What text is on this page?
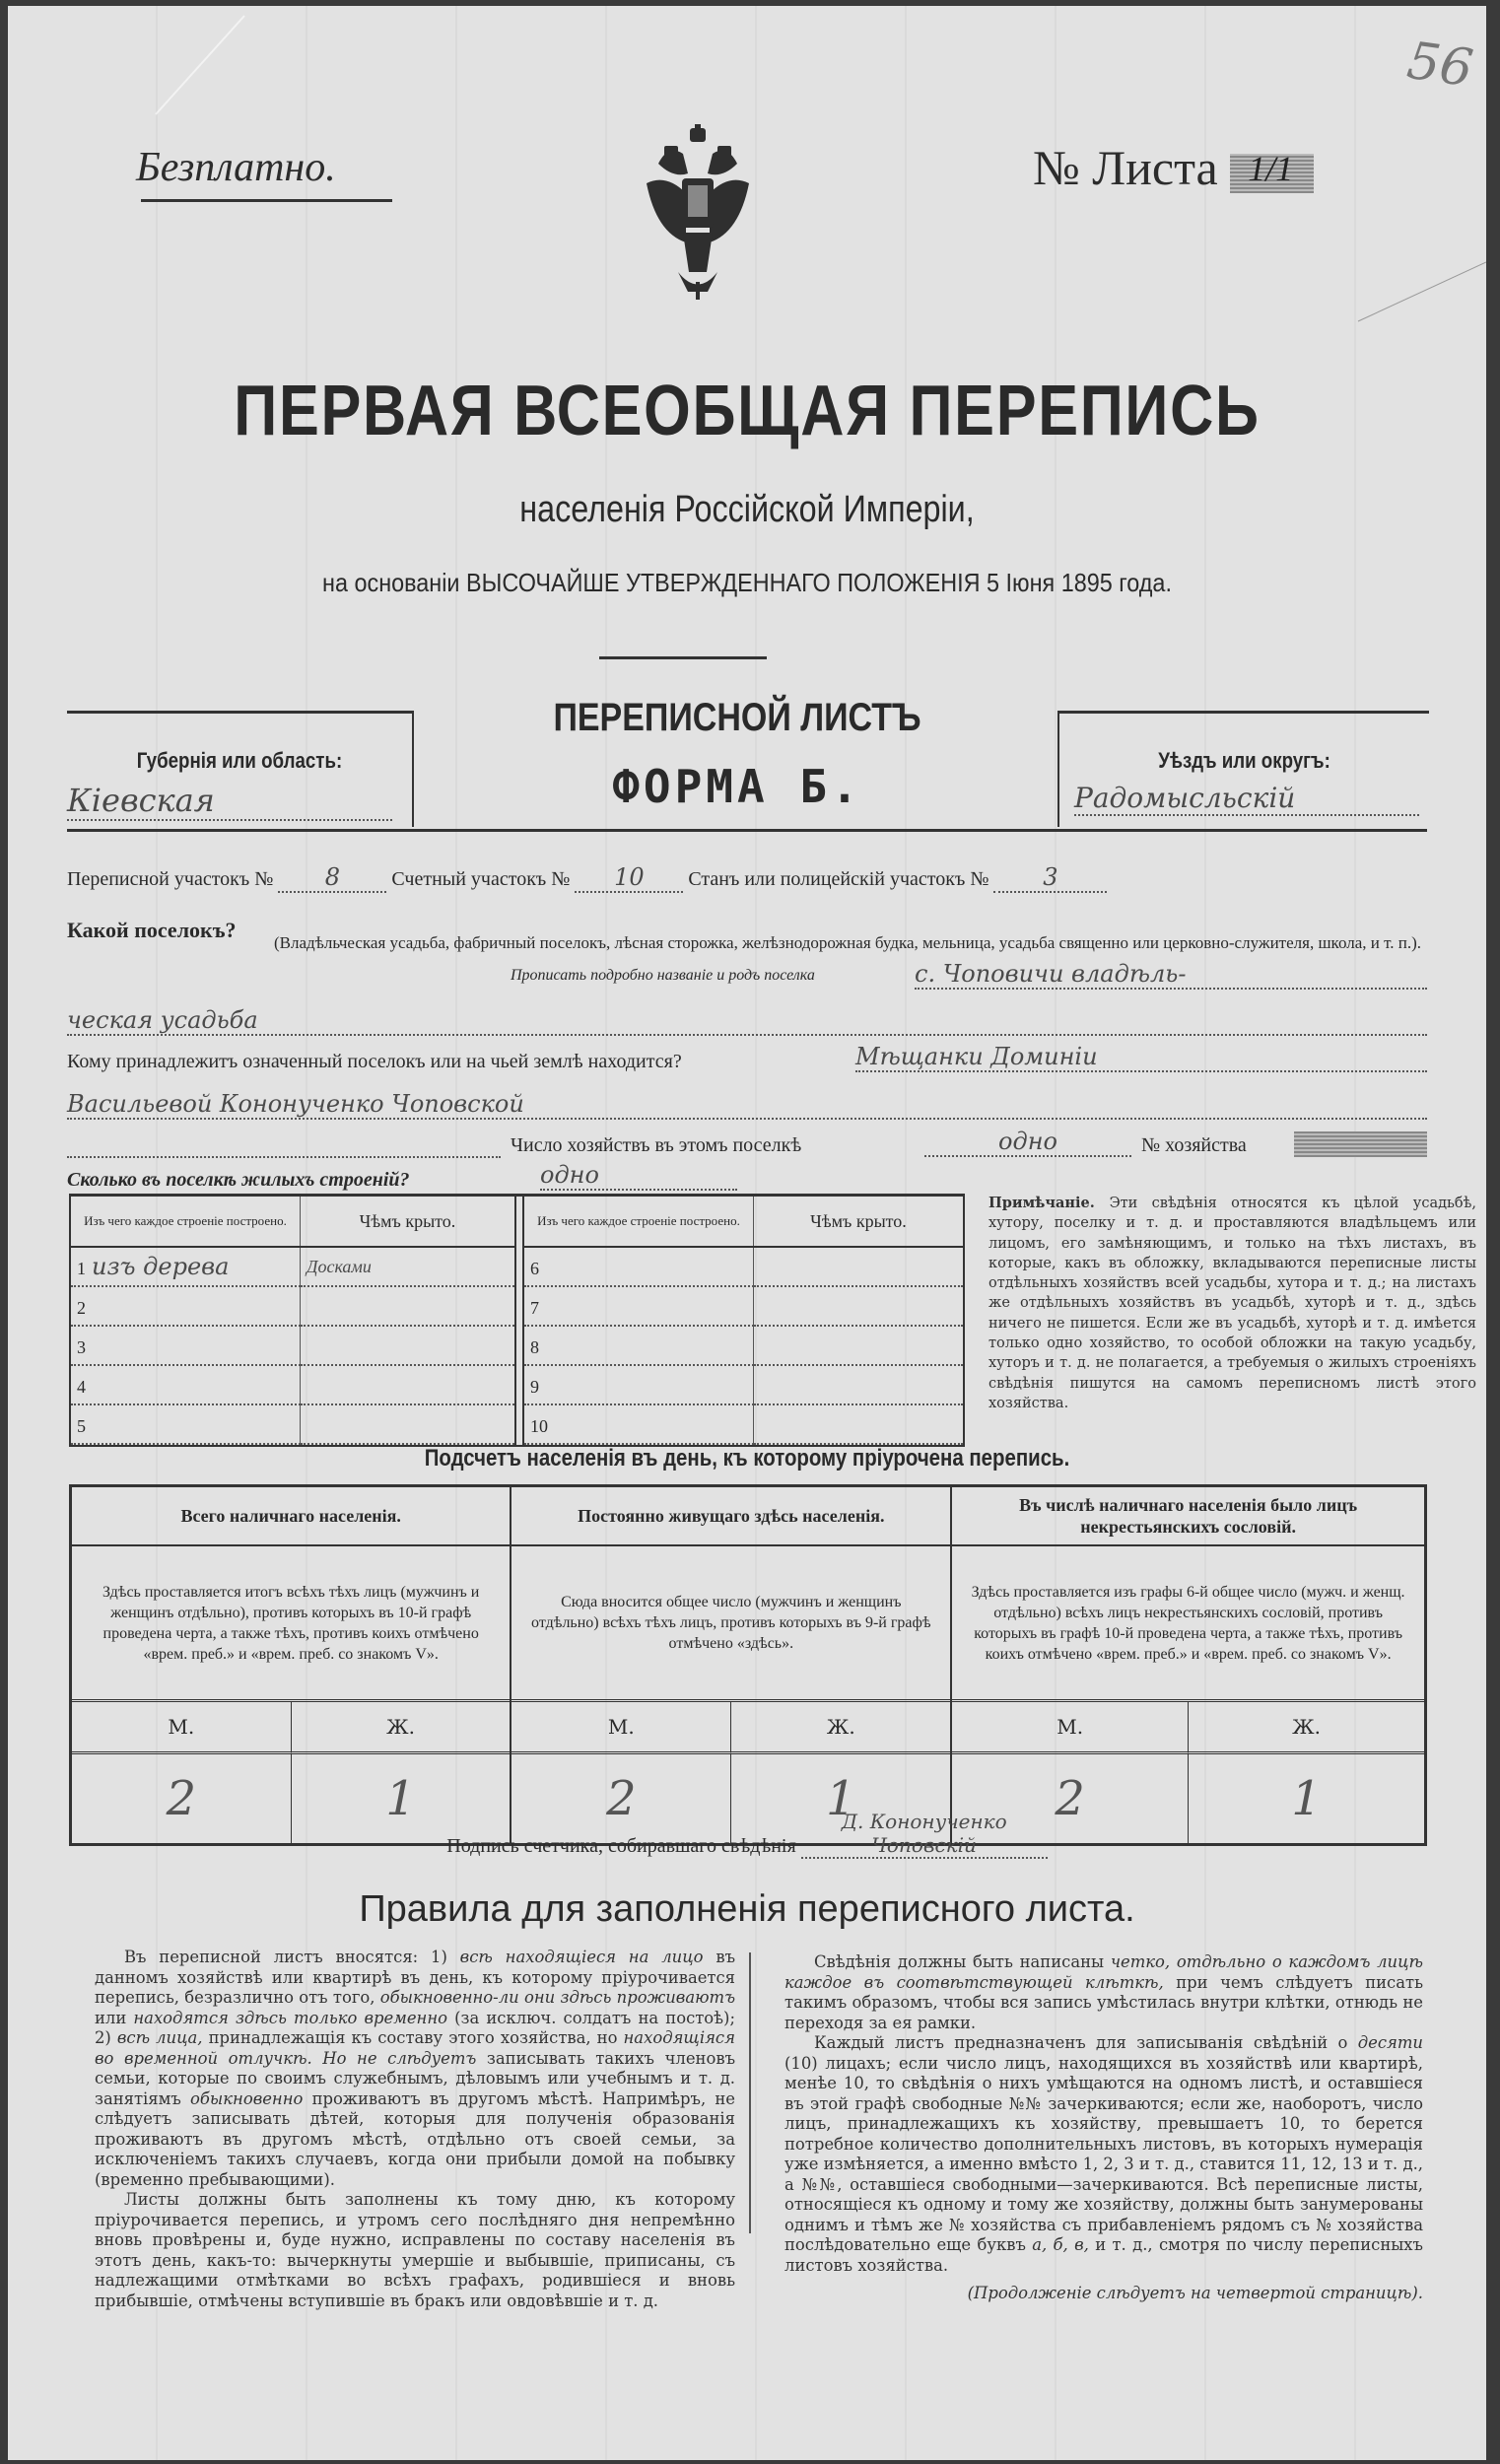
Безплатно.	№ Листа 1/1
56
ПЕРВАЯ ВСЕОБЩАЯ ПЕРЕПИСЬ
населенія Россійской Имперіи,
на основаніи ВЫСОЧАЙШЕ УТВЕРЖДЕННАГО ПОЛОЖЕНІЯ 5 Іюня 1895 года.
Губернія или область:
Кіевская
ПЕРЕПИСНОЙ ЛИСТЪ
ФОРМА Б.	Уѣздъ или округъ:
Радомысльскій
Переписной участокъ № 8	Счетный участокъ № 10 Станъ или полицейскій участокъ № 3
Какой поселокъ?
(Владѣльческая усадьба, фабричный поселокъ, лѣсная сторожка, желѣзнодорожная будка, мельница, усадьба священно или церковно-служителя, школа, и т. п.).
Прописать подробно названіе и родъ поселка	с. Чоповичи владѣль-
ческая усадьба
Кому принадлежитъ означенный поселокъ или на чьей землѣ находится?	Мѣщанки Доминіи
Васильевой Кононученко Чоповской
Число хозяйствъ въ этомъ поселкѣ	одно	№ хозяйства
Сколько въ поселкѣ жилыхъ строеній?	одно
Изъ чего каждое строеніе построено.	Чѣмъ крыто.
1 изъ дерева	Досками
2	
3	
4	
5	
Изъ чего каждое строеніе построено.	Чѣмъ крыто.
6	
7	
8	
9	
10	
Примѣчаніе. Эти свѣдѣнія относятся къ цѣлой усадьбѣ, хутору, поселку и т. д. и проставляются владѣльцемъ или лицомъ, его замѣняющимъ, и только на тѣхъ листахъ, въ которые, какъ въ обложку, вкладываются переписные листы отдѣльныхъ хозяйствъ всей усадьбы, хутора и т. д.; на листахъ же отдѣльныхъ хозяйствъ въ усадьбѣ, хуторѣ и т. д., здѣсь ничего не пишется. Если же въ усадьбѣ, хуторѣ и т. д. имѣется только одно хозяйство, то особой обложки на такую усадьбу, хуторъ и т. д. не полагается, а требуемыя о жилыхъ строеніяхъ свѣдѣнія пишутся на самомъ переписномъ листѣ этого хозяйства.
Подсчетъ населенія въ день, къ которому пріурочена перепись.
Всего наличнаго населенія.
Здѣсь проставляется итогъ всѣхъ тѣхъ лицъ (мужчинъ и женщинъ отдѣльно), противъ которыхъ въ 10-й графѣ проведена черта, а также тѣхъ, противъ коихъ отмѣчено «врем. преб.» и «врем. преб. со знакомъ V».
М.	Ж.
2	1

Постоянно живущаго здѣсь населенія.
Сюда вносится общее число (мужчинъ и женщинъ отдѣльно) всѣхъ тѣхъ лицъ, противъ которыхъ въ 9-й графѣ отмѣчено «здѣсь».
М.	Ж.
2	1

Въ числѣ наличнаго населенія было лицъ некрестьянскихъ сословій.
Здѣсь проставляется изъ графы 6-й общее число (мужч. и женщ. отдѣльно) всѣхъ лицъ некрестьянскихъ сословій, противъ которыхъ въ графѣ 10-й проведена черта, а также тѣхъ, противъ коихъ отмѣчено «врем. преб.» и «врем. преб. со знакомъ V».
М.	Ж.
2	1
Подпись счетчика, собиравшаго свѣдѣнія Д. Кононученко Чоповскій
Правила для заполненія переписного листа.

Въ переписной листъ вносятся: 1) всѣ находящіеся на лицо въ данномъ хозяйствѣ или квартирѣ въ день, къ которому пріурочивается перепись, безразлично отъ того, обыкновенно-ли они здѣсь проживаютъ или находятся здѣсь только временно (за исключ. солдатъ на постоѣ); 2) всѣ лица, принадлежащія къ составу этого хозяйства, но находящіяся во временной отлучкѣ. Но не слѣдуетъ записывать такихъ членовъ семьи, которые по своимъ служебнымъ, дѣловымъ или учебнымъ и т. д. занятіямъ обыкновенно проживаютъ въ другомъ мѣстѣ. Напримѣръ, не слѣдуетъ записывать дѣтей, которыя для полученія образованія проживаютъ въ другомъ мѣстѣ, отдѣльно отъ своей семьи, за исключеніемъ такихъ случаевъ, когда они прибыли домой на побывку (временно пребывающими).

Листы должны быть заполнены къ тому дню, къ которому пріурочивается перепись, и утромъ сего послѣдняго дня непремѣнно вновь провѣрены и, буде нужно, исправлены по составу населенія въ этотъ день, какъ-то: вычеркнуты умершіе и выбывшіе, приписаны, съ надлежащими отмѣтками во всѣхъ графахъ, родившіеся и вновь прибывшіе, отмѣчены вступившіе въ бракъ или овдовѣвшіе и т. д.

Свѣдѣнія должны быть написаны четко, отдѣльно о каждомъ лицѣ каждое въ соотвѣтствующей клѣткѣ, при чемъ слѣдуетъ писать такимъ образомъ, чтобы вся запись умѣстилась внутри клѣтки, отнюдь не переходя за ея рамки.

Каждый листъ предназначенъ для записыванія свѣдѣній о десяти (10) лицахъ; если число лицъ, находящихся въ хозяйствѣ или квартирѣ, менѣе 10, то свѣдѣнія о нихъ умѣщаются на одномъ листѣ, и оставшіеся въ этой графѣ свободные №№ зачеркиваются; если же, наоборотъ, число лицъ, принадлежащихъ къ хозяйству, превышаетъ 10, то берется потребное количество дополнительныхъ листовъ, въ которыхъ нумерація уже измѣняется, а именно вмѣсто 1, 2, 3 и т. д., ставится 11, 12, 13 и т. д., а №№, оставшіеся свободными—зачеркиваются. Всѣ переписные листы, относящіеся къ одному и тому же хозяйству, должны быть занумерованы однимъ и тѣмъ же № хозяйства съ прибавленіемъ рядомъ съ № хозяйства послѣдовательно еще буквъ а, б, в, и т. д., смотря по числу переписныхъ листовъ хозяйства.

(Продолженіе слѣдуетъ на четвертой страницѣ).
